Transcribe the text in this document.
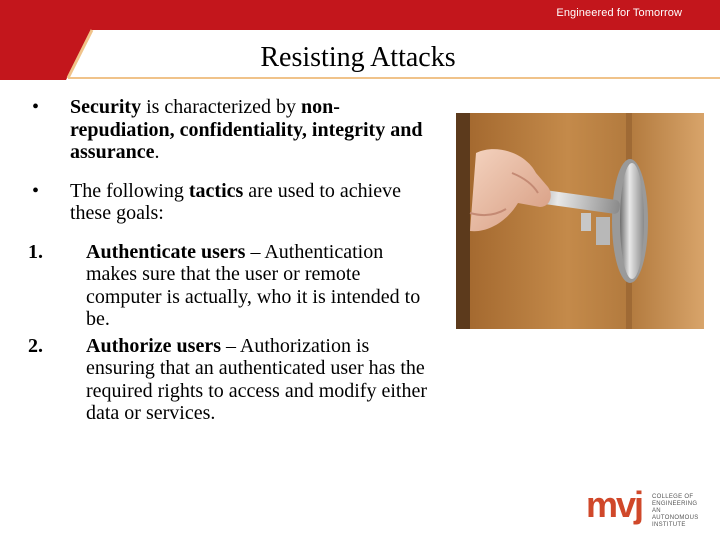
Engineered for Tomorrow
Resisting Attacks
• Security is characterized by non-repudiation, confidentiality, integrity and assurance.
• The following tactics are used to achieve these goals:
1. Authenticate users – Authentication makes sure that the user or remote computer is actually, who it is intended to be.
2. Authorize users – Authorization is ensuring that an authenticated user has the required rights to access and modify either data or services.
mvj COLLEGE OF
ENGINEERING
AN AUTONOMOUS INSTITUTE
